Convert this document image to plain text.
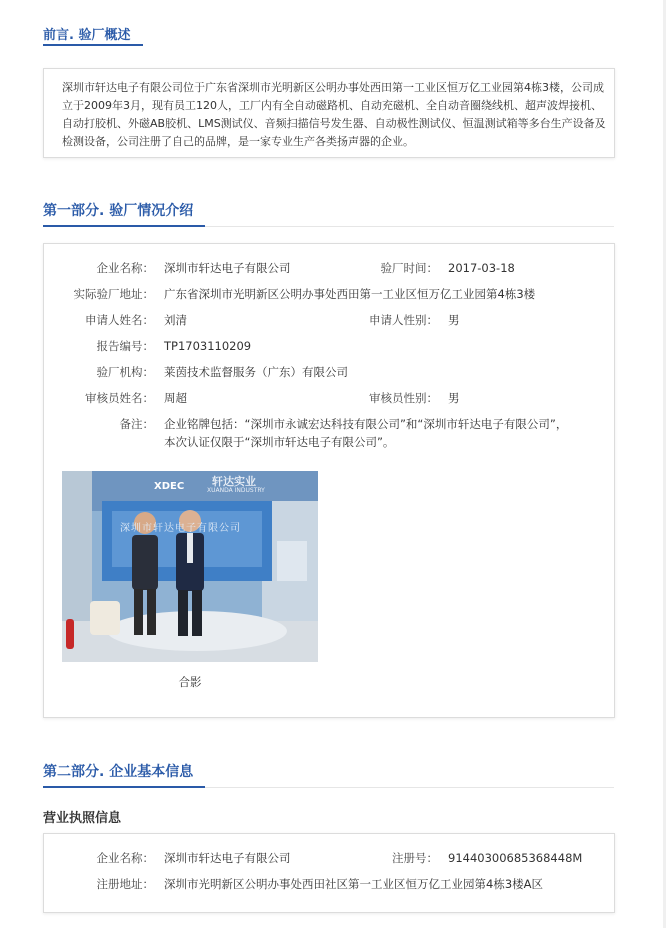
前言. 验厂概述
深圳市轩达电子有限公司位于广东省深圳市光明新区公明办事处西田第一工业区恒万亿工业园第4栋3楼，公司成立于2009年3月，现有员工120人，工厂内有全自动磁路机、自动充磁机、全自动音圈绕线机、超声波焊接机、自动打胶机、外磁AB胶机、LMS测试仪、音频扫描信号发生器、自动极性测试仪、恒温测试箱等多台生产设备及检测设备，公司注册了自己的品牌，是一家专业生产各类扬声器的企业。
第一部分. 验厂情况介绍
企业名称： 深圳市轩达电子有限公司	验厂时间： 2017-03-18
实际验厂地址： 广东省深圳市光明新区公明办事处西田第一工业区恒万亿工业园第4栋3楼
申请人姓名： 刘清	申请人性别： 男
报告编号： TP1703110209
验厂机构： 莱茵技术监督服务（广东）有限公司
审核员姓名： 周超	审核员性别： 男
备注： 企业铭牌包括：“深圳市永诚宏达科技有限公司”和“深圳市轩达电子有限公司”，
本次认证仅限于“深圳市轩达电子有限公司”。
XDEC	轩达实业
XUANDA INDUSTRY
深圳市轩达电子有限公司
合影
第二部分. 企业基本信息
营业执照信息
企业名称： 深圳市轩达电子有限公司	注册号： 91440300685368448M
注册地址： 深圳市光明新区公明办事处西田社区第一工业区恒万亿工业园第4栋3楼A区
